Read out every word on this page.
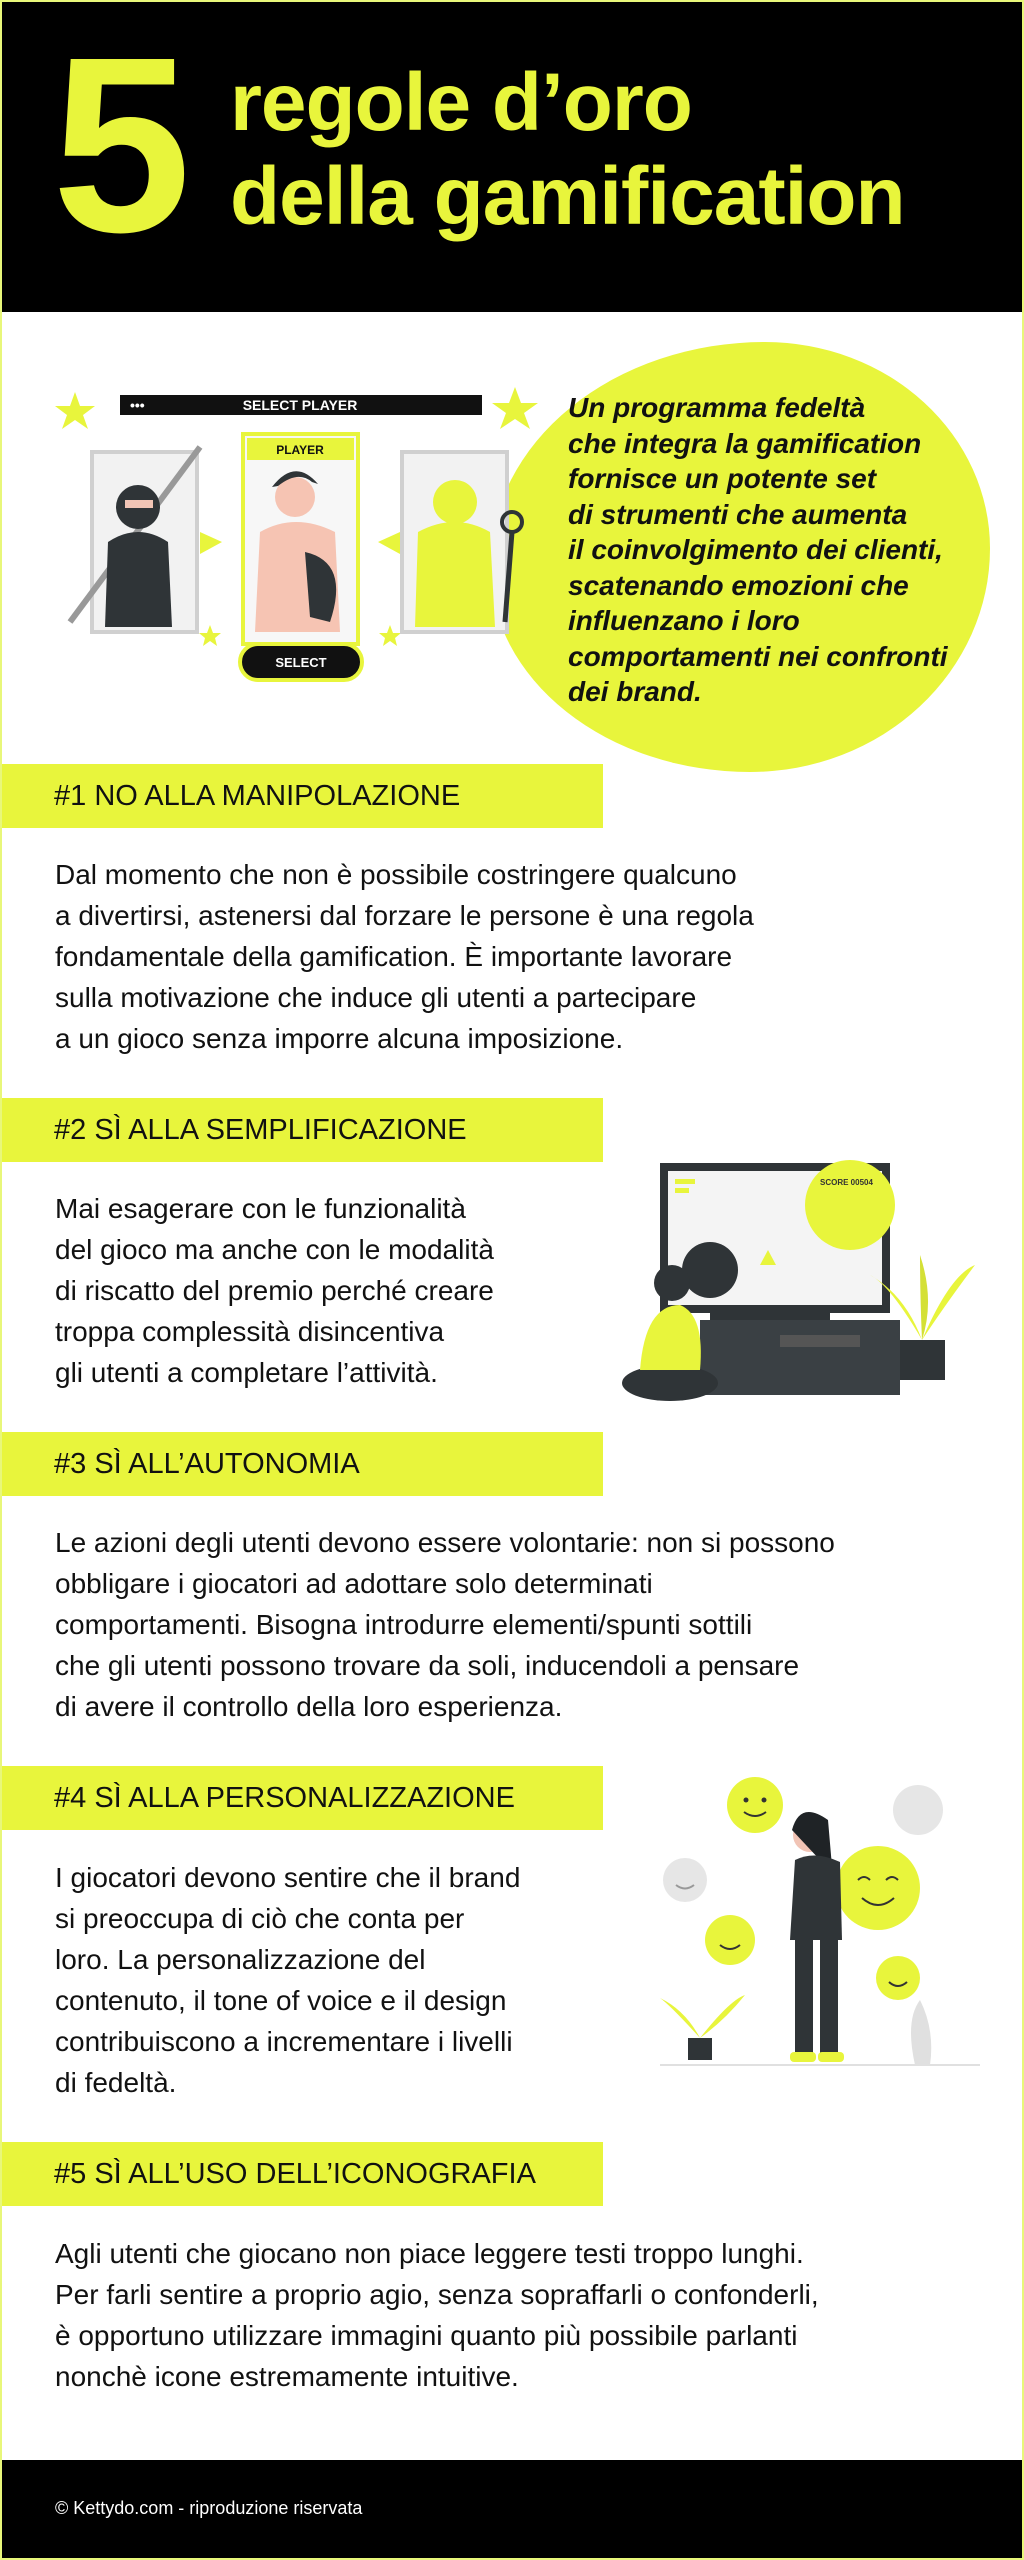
5 regole d’oro
della gamification
•••	SELECT PLAYER
PLAYER
SELECT
Un programma fedeltà
che integra la gamification
fornisce un potente set
di strumenti che aumenta
il coinvolgimento dei clienti,
scatenando emozioni che
influenzano i loro
comportamenti nei confronti
dei brand.
#1 NO ALLA MANIPOLAZIONE
Dal momento che non è possibile costringere qualcuno
a divertirsi, astenersi dal forzare le persone è una regola
fondamentale della gamification. È importante lavorare
sulla motivazione che induce gli utenti a partecipare
a un gioco senza imporre alcuna imposizione.
#2 SÌ ALLA SEMPLIFICAZIONE
Mai esagerare con le funzionalità
del gioco ma anche con le modalità
di riscatto del premio perché creare
troppa complessità disincentiva
gli utenti a completare l’attività.
SCORE 00504
#3 SÌ ALL’AUTONOMIA
Le azioni degli utenti devono essere volontarie: non si possono
obbligare i giocatori ad adottare solo determinati
comportamenti. Bisogna introdurre elementi/spunti sottili
che gli utenti possono trovare da soli, inducendoli a pensare
di avere il controllo della loro esperienza.
#4 SÌ ALLA PERSONALIZZAZIONE
I giocatori devono sentire che il brand
si preoccupa di ciò che conta per
loro. La personalizzazione del
contenuto, il tone of voice e il design
contribuiscono a incrementare i livelli
di fedeltà.
#5 SÌ ALL’USO DELL’ICONOGRAFIA
Agli utenti che giocano non piace leggere testi troppo lunghi.
Per farli sentire a proprio agio, senza sopraffarli o confonderli,
è opportuno utilizzare immagini quanto più possibile parlanti
nonchè icone estremamente intuitive.
© Kettydo.com - riproduzione riservata
